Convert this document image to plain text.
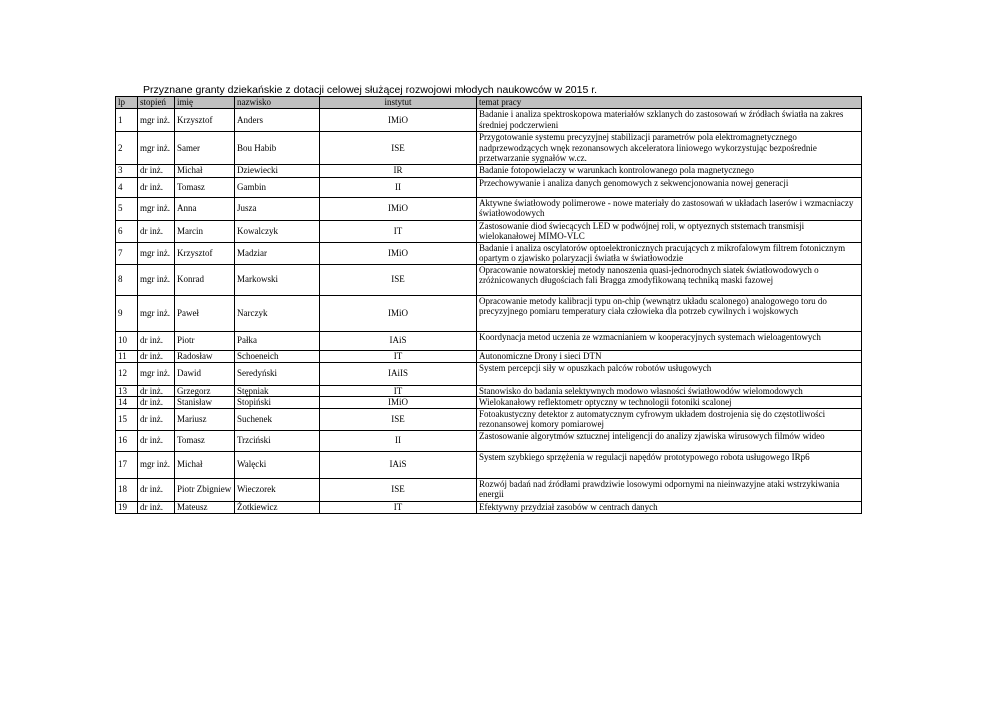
Przyznane granty dziekańskie z dotacji celowej służącej rozwojowi młodych naukowców w 2015 r.
lp	stopień	imię	nazwisko	instytut	temat pracy
1	mgr inż.	Krzysztof	Anders	IMiO	Badanie i analiza spektroskopowa materiałów szklanych do zastosowań w źródłach światła na zakres średniej podczerwieni
2	mgr inż.	Samer	Bou Habib	ISE	Przygotowanie systemu precyzyjnej stabilizacji parametrów pola elektromagnetycznego nadprzewodzących wnęk rezonansowych akceleratora liniowego wykorzystując bezpośrednie przetwarzanie sygnałów w.cz.
3	dr inż.	Michał	Dziewiecki	IR	Badanie fotopowielaczy w warunkach kontrolowanego pola magnetycznego
4	dr inż.	Tomasz	Gambin	II	Przechowywanie i analiza danych genomowych z sekwencjonowania nowej generacji
5	mgr inż.	Anna	Jusza	IMiO	Aktywne światłowody polimerowe - nowe materiały do zastosowań w układach laserów i wzmacniaczy światłowodowych
6	dr inż.	Marcin	Kowalczyk	IT	Zastosowanie diod świecących LED w podwójnej roli, w optyeznych ststemach transmisji wielokanałowej MIMO-VLC
7	mgr inż.	Krzysztof	Madziar	IMiO	Badanie i analiza oscylatorów optoelektronicznych pracujących z mikrofalowym filtrem fotonicznym opartym o zjawisko polaryzacji światła w światłowodzie
8	mgr inż.	Konrad	Markowski	ISE	Opracowanie nowatorskiej metody nanoszenia quasi-jednorodnych siatek światłowodowych o zróżnicowanych długościach fali Bragga zmodyfikowaną techniką maski fazowej
9	mgr inż.	Paweł	Narczyk	IMiO	Opracowanie metody kalibracji typu on-chip (wewnątrz układu scalonego) analogowego toru do precyzyjnego pomiaru temperatury ciała człowieka dla potrzeb cywilnych i wojskowych
10	dr inż.	Piotr	Pałka	IAiS	Koordynacja metod uczenia ze wzmacnianiem w kooperacyjnych systemach wieloagentowych
11	dr inż.	Radosław	Schoeneich	IT	Autonomiczne Drony i sieci DTN
12	mgr inż.	Dawid	Seredyński	IAiIS	System percepcji siły w opuszkach palców robotów usługowych
13	dr inż.	Grzegorz	Stępniak	IT	Stanowisko do badania selektywnych modowo własności światłowodów wielomodowych
14	dr inż.	Stanisław	Stopiński	IMiO	Wielokanałowy reflektometr optyczny w technologii fotoniki scalonej
15	dr inż.	Mariusz	Suchenek	ISE	Fotoakustyczny detektor z automatycznym cyfrowym układem dostrojenia się do częstotliwości rezonansowej komory pomiarowej
16	dr inż.	Tomasz	Trzciński	II	Zastosowanie algorytmów sztucznej inteligencji do analizy zjawiska wirusowych filmów wideo
17	mgr inż.	Michał	Walęcki	IAiS	System szybkiego sprzężenia w regulacji napędów prototypowego robota usługowego IRp6
18	dr inż.	Piotr Zbigniew	Wieczorek	ISE	Rozwój badań nad źródłami prawdziwie losowymi odpornymi na nieinwazyjne ataki wstrzykiwania energii
19	dr inż.	Mateusz	Żotkiewicz	IT	Efektywny przydział zasobów w centrach danych
